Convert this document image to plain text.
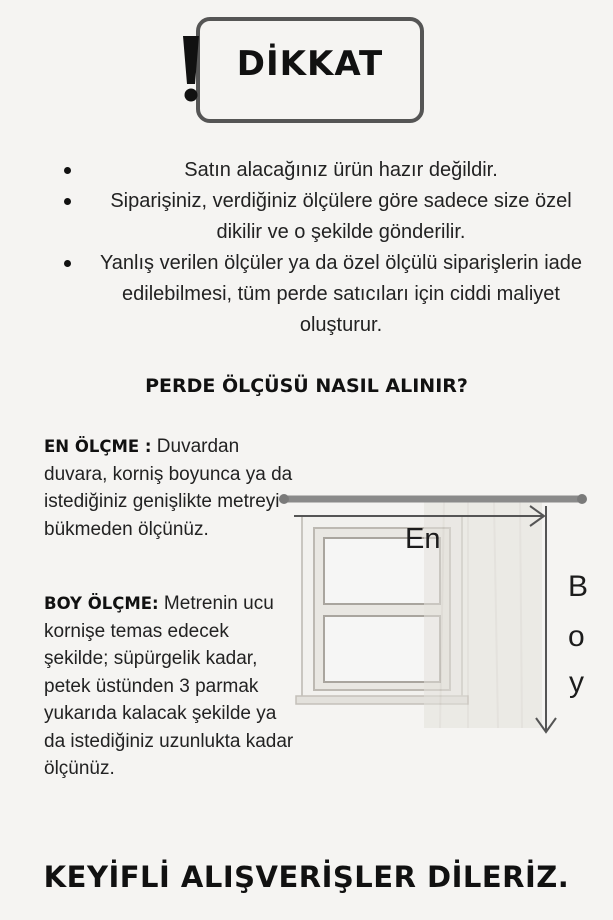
DİKKAT
Satın alacağınız ürün hazır değildir.
Siparişiniz, verdiğiniz ölçülere göre sadece size özel dikilir ve o şekilde gönderilir.
Yanlış verilen ölçüler ya da özel ölçülü siparişlerin iade edilebilmesi, tüm perde satıcıları için ciddi maliyet oluşturur.
PERDE ÖLÇÜSÜ NASIL ALINIR?

EN ÖLÇME : Duvardan duvara, korniş boyunca ya da istediğiniz genişlikte metreyi bükmeden ölçünüz.

BOY ÖLÇME: Metrenin ucu kornişe temas edecek şekilde; süpürgelik kadar, petek üstünden 3 parmak yukarıda kalacak şekilde ya da istediğiniz uzunlukta kadar ölçünüz.

En
B
o
y
KEYİFLİ ALIŞVERİŞLER DİLERİZ.
